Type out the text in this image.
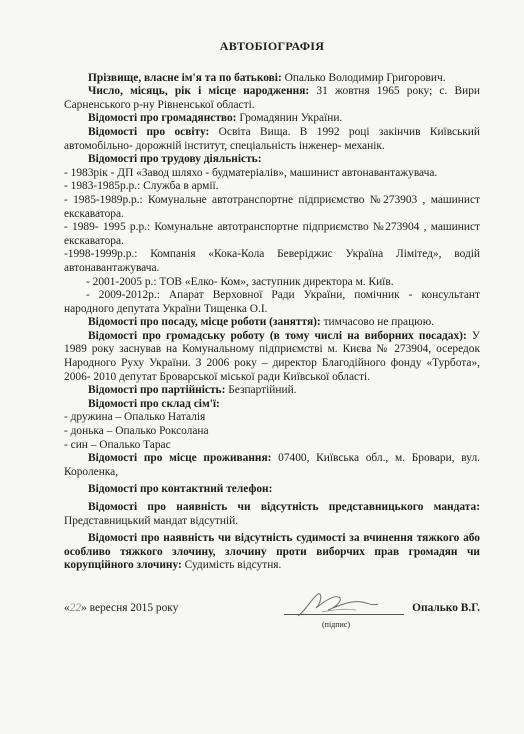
АВТОБІОГРАФІЯ

Прізвище, власне ім'я та по батькові: Опалько Володимир Григорович.

Число, місяць, рік і місце народження: 31 жовтня 1965 року; с. Вири Сарненського р-ну Рівненської області.

Відомості про громадянство: Громадянин України.

Відомості про освіту: Освіта Вища. В 1992 році закінчив Київський автомобільно- дорожній інститут, спеціальність інженер- механік.

Відомості про трудову діяльність:

- 1983рік - ДП «Завод шляхо - будматеріалів», машинист автонавантажувача.

- 1983-1985р.р.: Служба в армії.

- 1985-1989р.р.: Комунальне автотранспортне підприємство №273903 , машинист екскаватора.

- 1989- 1995 р.р.: Комунальне автотранспортне підприємство №273904 , машинист екскаватора.

-1998-1999р.р.: Компанія «Кока-Кола Беверіджис Україна Лімітед», водій автонавантажувача.

- 2001-2005 р.: ТОВ «Елко- Ком», заступник директора м. Київ.

- 2009-2012р.: Апарат Верховної Ради України, помічник - консультант народного депутата України Тищенка О.І.

Відомості про посаду, місце роботи (заняття): тимчасово не працюю.

Відомості про громадську роботу (в тому числі на виборних посадах): У 1989 року заснував на Комунальному підприємстві м. Києва № 273904, осередок Народного Руху України. З 2006 року – директор Благодійного фонду «Турбота», 2006- 2010 депутат Броварської міської ради Київської області.

Відомості про партійність: Безпартійний.

Відомості про склад сім'ї:

- дружина – Опалько Наталія

- донька – Опалько Роксолана

- син – Опалько Тарас

Відомості про місце проживання: 07400, Київська обл., м. Бровари, вул. Короленка,

Відомості про контактний телефон:

Відомості про наявність чи відсутність представницького мандата: Представницький мандат відсутній.

Відомості про наявність чи відсутність судимості за вчинення тяжкого або особливо тяжкого злочину, злочину проти виборчих прав громадян чи корупційного злочину: Судимість відсутня.

«22» вересня 2015 року
(підпис)
Опалько В.Г.
